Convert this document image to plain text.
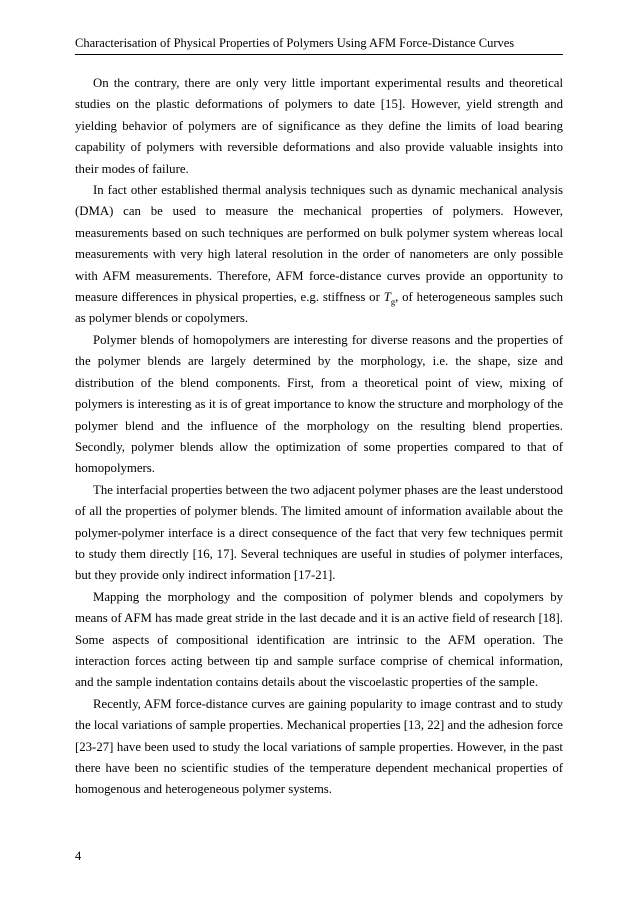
Characterisation of Physical Properties of Polymers Using AFM Force-Distance Curves

On the contrary, there are only very little important experimental results and theoretical studies on the plastic deformations of polymers to date [15]. However, yield strength and yielding behavior of polymers are of significance as they define the limits of load bearing capability of polymers with reversible deformations and also provide valuable insights into their modes of failure.

In fact other established thermal analysis techniques such as dynamic mechanical analysis (DMA) can be used to measure the mechanical properties of polymers. However, measurements based on such techniques are performed on bulk polymer system whereas local measurements with very high lateral resolution in the order of nanometers are only possible with AFM measurements. Therefore, AFM force-distance curves provide an opportunity to measure differences in physical properties, e.g. stiffness or $T_g$, of heterogeneous samples such as polymer blends or copolymers.

Polymer blends of homopolymers are interesting for diverse reasons and the properties of the polymer blends are largely determined by the morphology, i.e. the shape, size and distribution of the blend components. First, from a theoretical point of view, mixing of polymers is interesting as it is of great importance to know the structure and morphology of the polymer blend and the influence of the morphology on the resulting blend properties. Secondly, polymer blends allow the optimization of some properties compared to that of homopolymers.

The interfacial properties between the two adjacent polymer phases are the least understood of all the properties of polymer blends. The limited amount of information available about the polymer-polymer interface is a direct consequence of the fact that very few techniques permit to study them directly [16, 17]. Several techniques are useful in studies of polymer interfaces, but they provide only indirect information [17-21].

Mapping the morphology and the composition of polymer blends and copolymers by means of AFM has made great stride in the last decade and it is an active field of research [18]. Some aspects of compositional identification are intrinsic to the AFM operation. The interaction forces acting between tip and sample surface comprise of chemical information, and the sample indentation contains details about the viscoelastic properties of the sample.

Recently, AFM force-distance curves are gaining popularity to image contrast and to study the local variations of sample properties. Mechanical properties [13, 22] and the adhesion force [23-27] have been used to study the local variations of sample properties. However, in the past there have been no scientific studies of the temperature dependent mechanical properties of homogenous and heterogeneous polymer systems.

4
